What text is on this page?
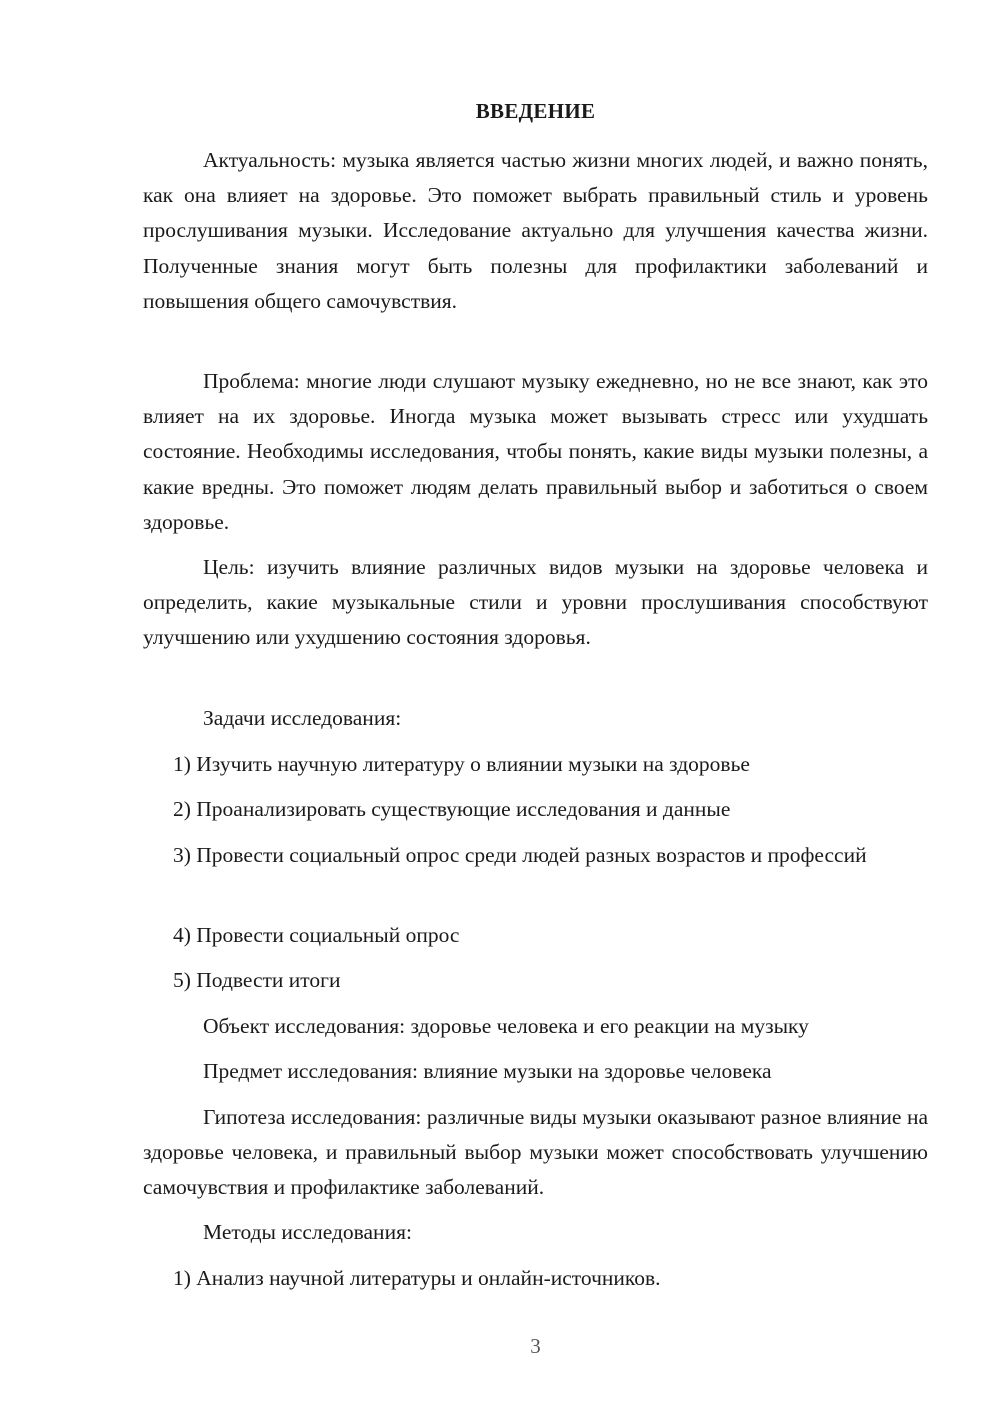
ВВЕДЕНИЕ

Актуальность: музыка является частью жизни многих людей, и важно понять, как она влияет на здоровье. Это поможет выбрать правильный стиль и уровень прослушивания музыки. Исследование актуально для улучшения качества жизни. Полученные знания могут быть полезны для профилактики заболеваний и повышения общего самочувствия.

Проблема: многие люди слушают музыку ежедневно, но не все знают, как это влияет на их здоровье. Иногда музыка может вызывать стресс или ухудшать состояние. Необходимы исследования, чтобы понять, какие виды музыки полезны, а какие вредны. Это поможет людям делать правильный выбор и заботиться о своем здоровье.

Цель: изучить влияние различных видов музыки на здоровье человека и определить, какие музыкальные стили и уровни прослушивания способствуют улучшению или ухудшению состояния здоровья.

Задачи исследования:

1) Изучить научную литературу о влиянии музыки на здоровье

2) Проанализировать существующие исследования и данные

3) Провести социальный опрос среди людей разных возрастов и профессий

4) Провести социальный опрос

5) Подвести итоги

Объект исследования: здоровье человека и его реакции на музыку

Предмет исследования: влияние музыки на здоровье человека

Гипотеза исследования: различные виды музыки оказывают разное влияние на здоровье человека, и правильный выбор музыки может способствовать улучшению самочувствия и профилактике заболеваний.

Методы исследования:

1) Анализ научной литературы и онлайн-источников.

3
